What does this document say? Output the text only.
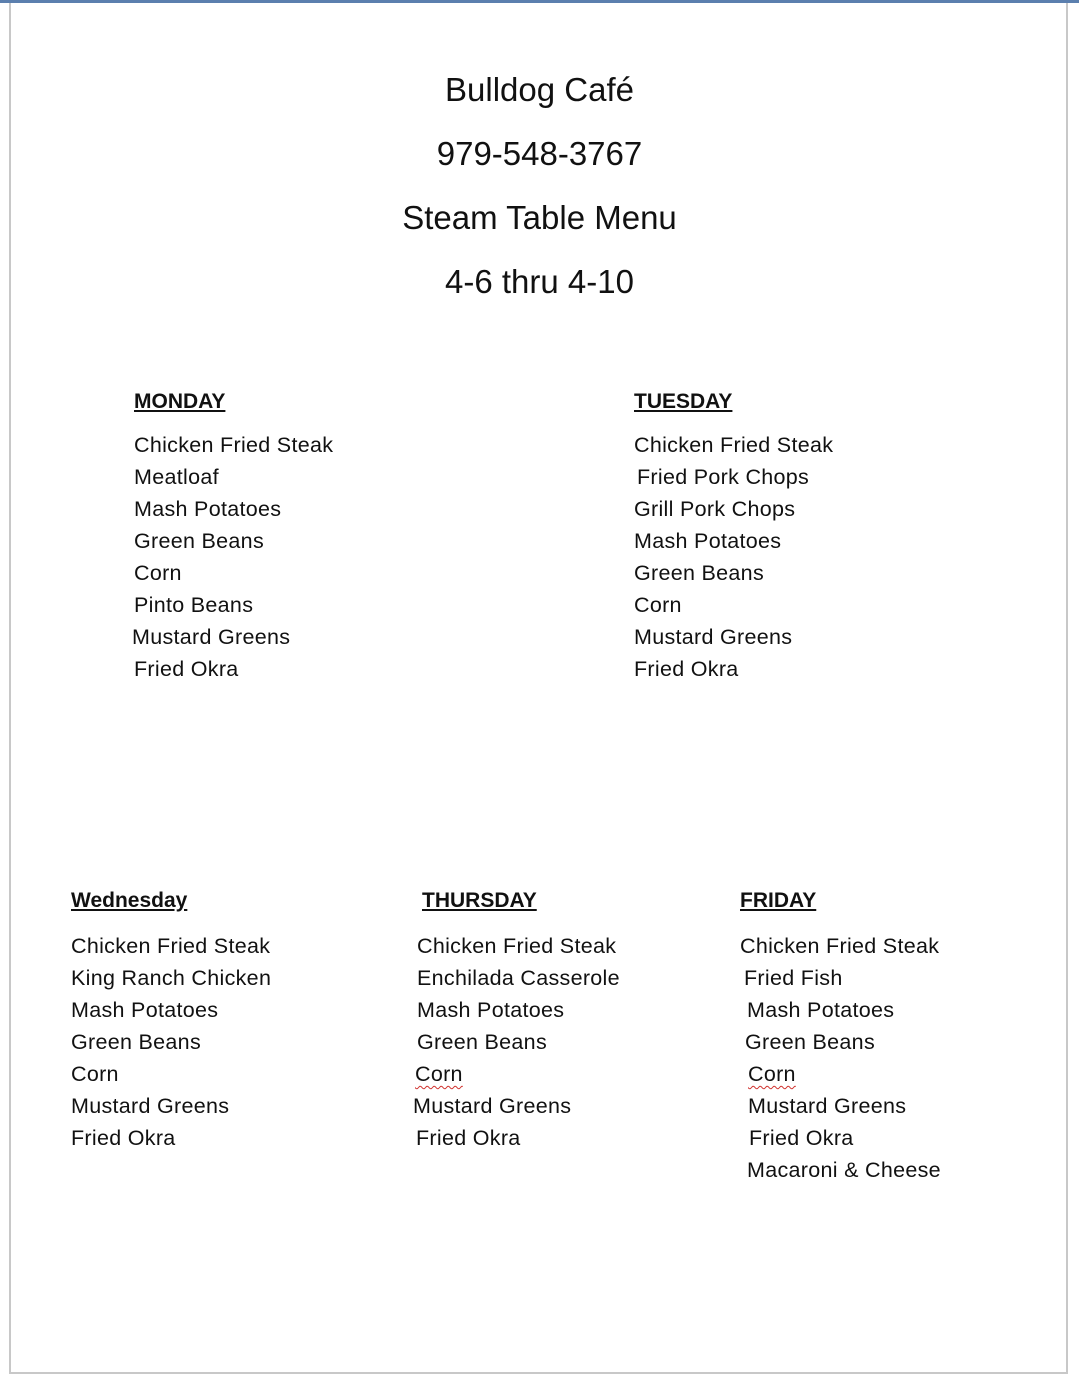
Bulldog Café
979-548-3767
Steam Table Menu
4-6 thru 4-10
MONDAY
Chicken Fried Steak
Meatloaf
Mash Potatoes
Green Beans
Corn
Pinto Beans
Mustard Greens
Fried Okra
TUESDAY
Chicken Fried Steak
Fried Pork Chops
Grill Pork Chops
Mash Potatoes
Green Beans
Corn
Mustard Greens
Fried Okra
Wednesday
Chicken Fried Steak
King Ranch Chicken
Mash Potatoes
Green Beans
Corn
Mustard Greens
Fried Okra
THURSDAY
Chicken Fried Steak
Enchilada Casserole
Mash Potatoes
Green Beans
Corn
Mustard Greens
Fried Okra
FRIDAY
Chicken Fried Steak
Fried Fish
Mash Potatoes
Green Beans
Corn
Mustard Greens
Fried Okra
Macaroni & Cheese
